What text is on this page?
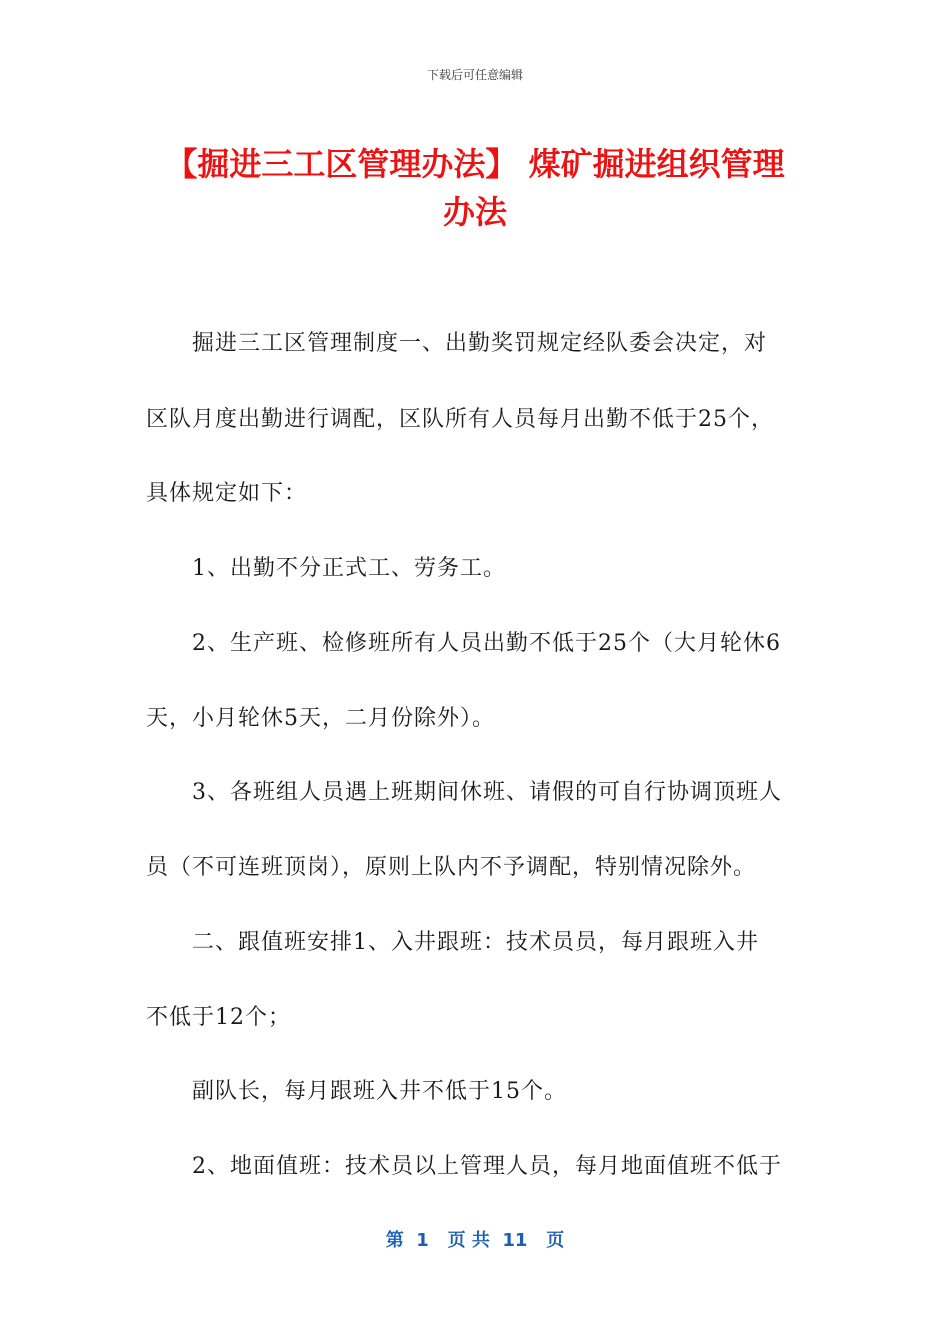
下载后可任意编辑
【掘进三工区管理办法】 煤矿掘进组织管理
办法
掘进三工区管理制度一、出勤奖罚规定经队委会决定，对
区队月度出勤进行调配，区队所有人员每月出勤不低于25个，
具体规定如下：
1、出勤不分正式工、劳务工。
2、生产班、检修班所有人员出勤不低于25个（大月轮休6
天，小月轮休5天，二月份除外）。
3、各班组人员遇上班期间休班、请假的可自行协调顶班人
员（不可连班顶岗），原则上队内不予调配，特别情况除外。
二、跟值班安排1、入井跟班：技术员员，每月跟班入井
不低于12个；
副队长，每月跟班入井不低于15个。
2、地面值班：技术员以上管理人员，每月地面值班不低于
第  1   页 共  11   页
